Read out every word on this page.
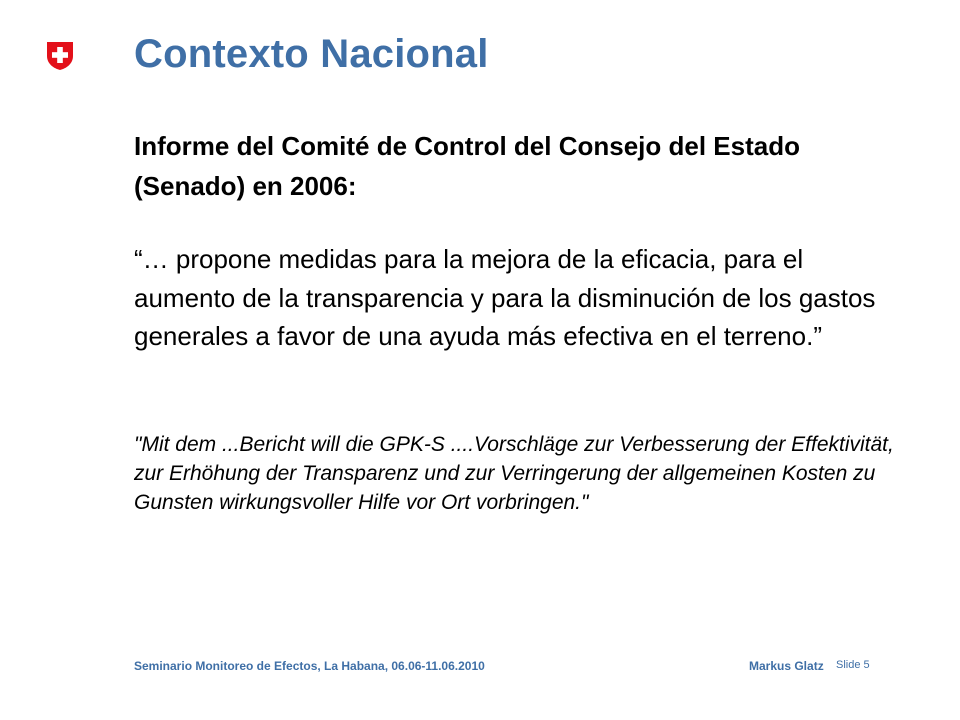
Contexto Nacional
Informe del Comité de Control del Consejo del Estado (Senado) en 2006:
“… propone medidas para la mejora de la eficacia, para el aumento de la transparencia y para la disminución de los gastos generales a favor de una ayuda más efectiva en el terreno.”
"Mit dem ...Bericht will die GPK-S ....Vorschläge zur Verbesserung der Effektivität, zur Erhöhung der Transparenz und zur Verringerung der allgemeinen Kosten zu Gunsten wirkungsvoller Hilfe vor Ort vorbringen."
Seminario Monitoreo de Efectos, La Habana, 06.06-11.06.2010	Markus Glatz Slide 5
